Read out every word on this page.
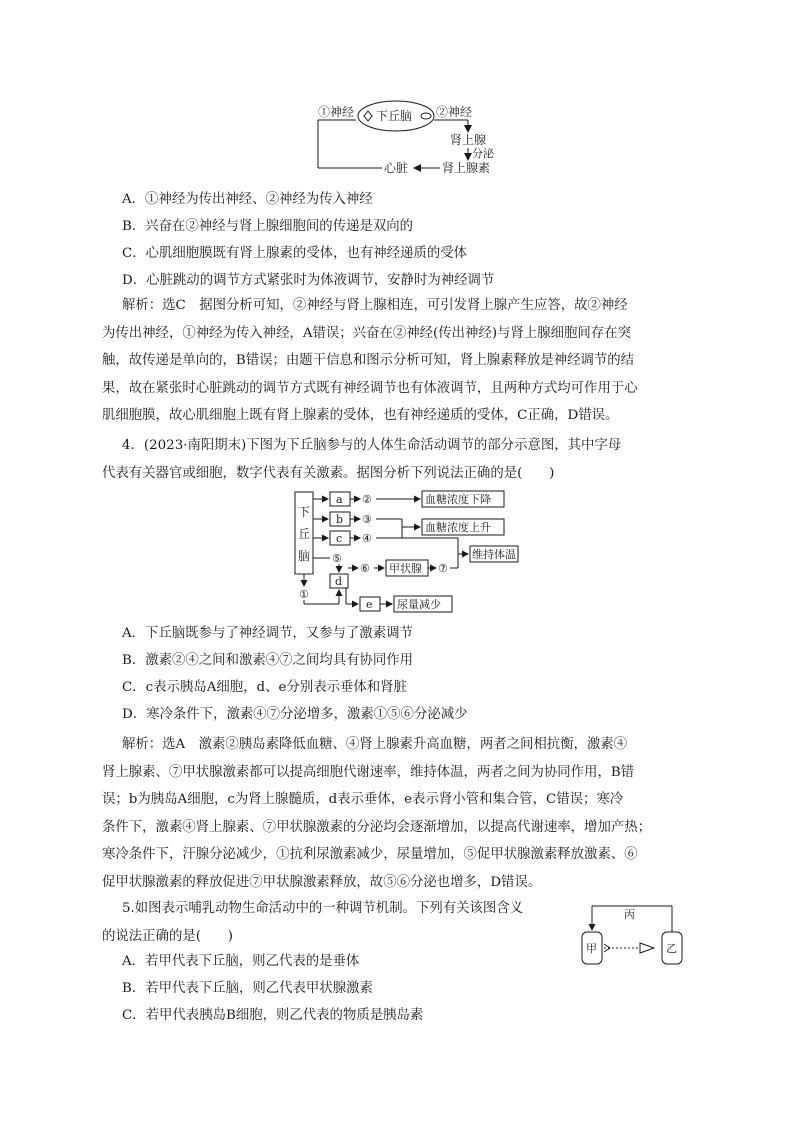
①神经 下丘脑 ②神经
肾上腺
分泌
肾上腺素
心脏
A．①神经为传出神经、②神经为传入神经
B．兴奋在②神经与肾上腺细胞间的传递是双向的
C．心肌细胞膜既有肾上腺素的受体，也有神经递质的受体
D．心脏跳动的调节方式紧张时为体液调节，安静时为神经调节

解析：选C　据图分析可知，②神经与肾上腺相连，可引发肾上腺产生应答，故②神经

为传出神经，①神经为传入神经，A错误；兴奋在②神经(传出神经)与肾上腺细胞间存在突

触，故传递是单向的，B错误；由题干信息和图示分析可知，肾上腺素释放是神经调节的结

果，故在紧张时心脏跳动的调节方式既有神经调节也有体液调节，且两种方式均可作用于心

肌细胞膜，故心肌细胞上既有肾上腺素的受体，也有神经递质的受体，C正确，D错误。

4．(2023·南阳期末)下图为下丘脑参与的人体生命活动调节的部分示意图，其中字母

代表有关器官或细胞，数字代表有关激素。据图分析下列说法正确的是(　　)

下
丘
脑
a ②	血糖浓度下降
b ③
c ④
血糖浓度上升
维持体温
⑤
d
⑥ 甲状腺 ⑦
①
e 尿量减少
A．下丘脑既参与了神经调节，又参与了激素调节
B．激素②④之间和激素④⑦之间均具有协同作用
C．c表示胰岛A细胞，d、e分别表示垂体和肾脏
D．寒冷条件下，激素④⑦分泌增多，激素①⑤⑥分泌减少

解析：选A　激素②胰岛素降低血糖、④肾上腺素升高血糖，两者之间相抗衡，激素④

肾上腺素、⑦甲状腺激素都可以提高细胞代谢速率，维持体温，两者之间为协同作用，B错

误；b为胰岛A细胞，c为肾上腺髓质，d表示垂体，e表示肾小管和集合管，C错误；寒冷

条件下，激素④肾上腺素、⑦甲状腺激素的分泌均会逐渐增加，以提高代谢速率，增加产热；

寒冷条件下，汗腺分泌减少，①抗利尿激素减少，尿量增加，⑤促甲状腺激素释放激素、⑥

促甲状腺激素的释放促进⑦甲状腺激素释放，故⑤⑥分泌也增多，D错误。

5.如图表示哺乳动物生命活动中的一种调节机制。下列有关该图含义

的说法正确的是(　　)

丙
甲	乙
A．若甲代表下丘脑，则乙代表的是垂体
B．若甲代表下丘脑，则乙代表甲状腺激素
C．若甲代表胰岛B细胞，则乙代表的物质是胰岛素
